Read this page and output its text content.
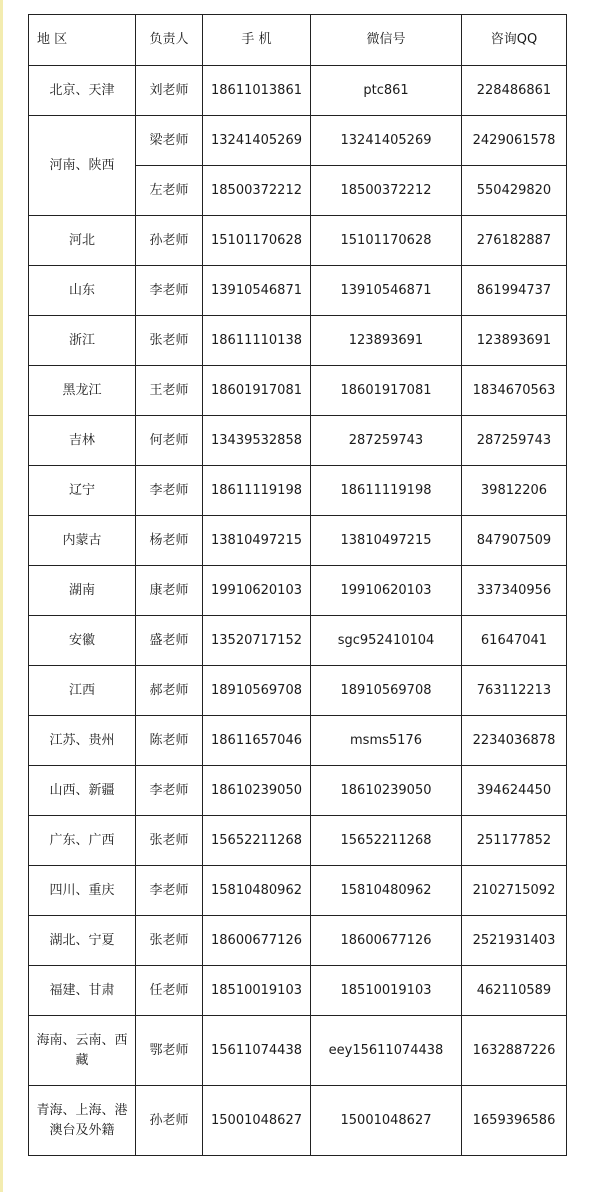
地 区	负责人	手 机	微信号	咨询QQ
北京、天津	刘老师	18611013861	ptc861	228486861
河南、陕西	梁老师	13241405269	13241405269	2429061578
	左老师	18500372212	18500372212	550429820
河北	孙老师	15101170628	15101170628	276182887
山东	李老师	13910546871	13910546871	861994737
浙江	张老师	18611110138	123893691	123893691
黑龙江	王老师	18601917081	18601917081	1834670563
吉林	何老师	13439532858	287259743	287259743
辽宁	李老师	18611119198	18611119198	39812206
内蒙古	杨老师	13810497215	13810497215	847907509
湖南	康老师	19910620103	19910620103	337340956
安徽	盛老师	13520717152	sgc952410104	61647041
江西	郝老师	18910569708	18910569708	763112213
江苏、贵州	陈老师	18611657046	msms5176	2234036878
山西、新疆	李老师	18610239050	18610239050	394624450
广东、广西	张老师	15652211268	15652211268	251177852
四川、重庆	李老师	15810480962	15810480962	2102715092
湖北、宁夏	张老师	18600677126	18600677126	2521931403
福建、甘肃	任老师	18510019103	18510019103	462110589
海南、云南、西藏	鄂老师	15611074438	eey15611074438	1632887226
青海、上海、港澳台及外籍	孙老师	15001048627	15001048627	1659396586
